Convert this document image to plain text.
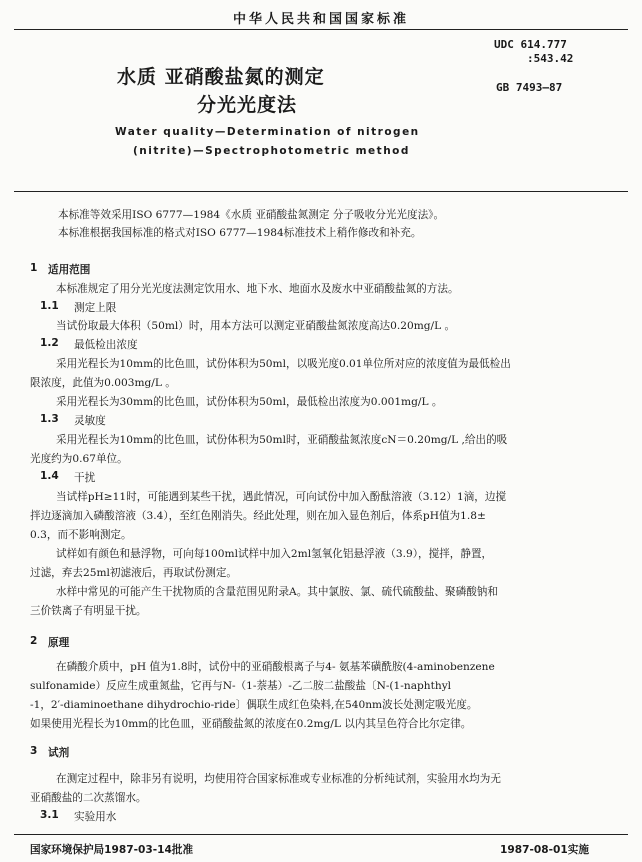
中华人民共和国国家标准
水质 亚硝酸盐氮的测定
分光光度法
UDC 614.777
:543.42
GB 7493—87
Water quality—Determination of nitrogen
(nitrite)—Spectrophotometric method
本标准等效采用ISO 6777—1984《水质 亚硝酸盐氮测定 分子吸收分光光度法》。
本标准根据我国标准的格式对ISO 6777—1984标准技术上稍作修改和补充。
1 适用范围
本标准规定了用分光光度法测定饮用水、地下水、地面水及废水中亚硝酸盐氮的方法。
1.1 测定上限
当试份取最大体积（50ml）时，用本方法可以测定亚硝酸盐氮浓度高达0.20mg/L 。
1.2 最低检出浓度
采用光程长为10mm的比色皿，试份体积为50ml，以吸光度0.01单位所对应的浓度值为最低检出
限浓度，此值为0.003mg/L 。
采用光程长为30mm的比色皿，试份体积为50ml，最低检出浓度为0.001mg/L 。
1.3 灵敏度
采用光程长为10mm的比色皿，试份体积为50ml时，亚硝酸盐氮浓度cN＝0.20mg/L ,给出的吸
光度约为0.67单位。
1.4 干扰
当试样pH≥11时，可能遇到某些干扰，遇此情况，可向试份中加入酚酞溶液（3.12）1滴，边搅
拌边逐滴加入磷酸溶液（3.4），至红色刚消失。经此处理，则在加入显色剂后，体系pH值为1.8±
0.3，而不影响测定。
试样如有颜色和悬浮物，可向每100ml试样中加入2ml氢氧化铝悬浮液（3.9），搅拌，静置，
过滤，弃去25ml初滤液后，再取试份测定。
水样中常见的可能产生干扰物质的含量范围见附录A。其中氯胺、氯、硫代硫酸盐、聚磷酸钠和
三价铁离子有明显干扰。
2 原理
在磷酸介质中，pH 值为1.8时，试份中的亚硝酸根离子与4- 氨基苯磺酰胺(4-aminobenzene
sulfonamide）反应生成重氮盐，它再与N-（1-萘基）-乙二胺二盐酸盐〔N-(1-naphthyl
-1，2′-diaminoethane dihydrochio-ride〕偶联生成红色染料,在540nm波长处测定吸光度。
如果使用光程长为10mm的比色皿，亚硝酸盐氮的浓度在0.2mg/L 以内其呈色符合比尔定律。
3 试剂
在测定过程中，除非另有说明，均使用符合国家标准或专业标准的分析纯试剂，实验用水均为无
亚硝酸盐的二次蒸馏水。
3.1 实验用水
国家环境保护局1987-03-14批准	1987-08-01实施
